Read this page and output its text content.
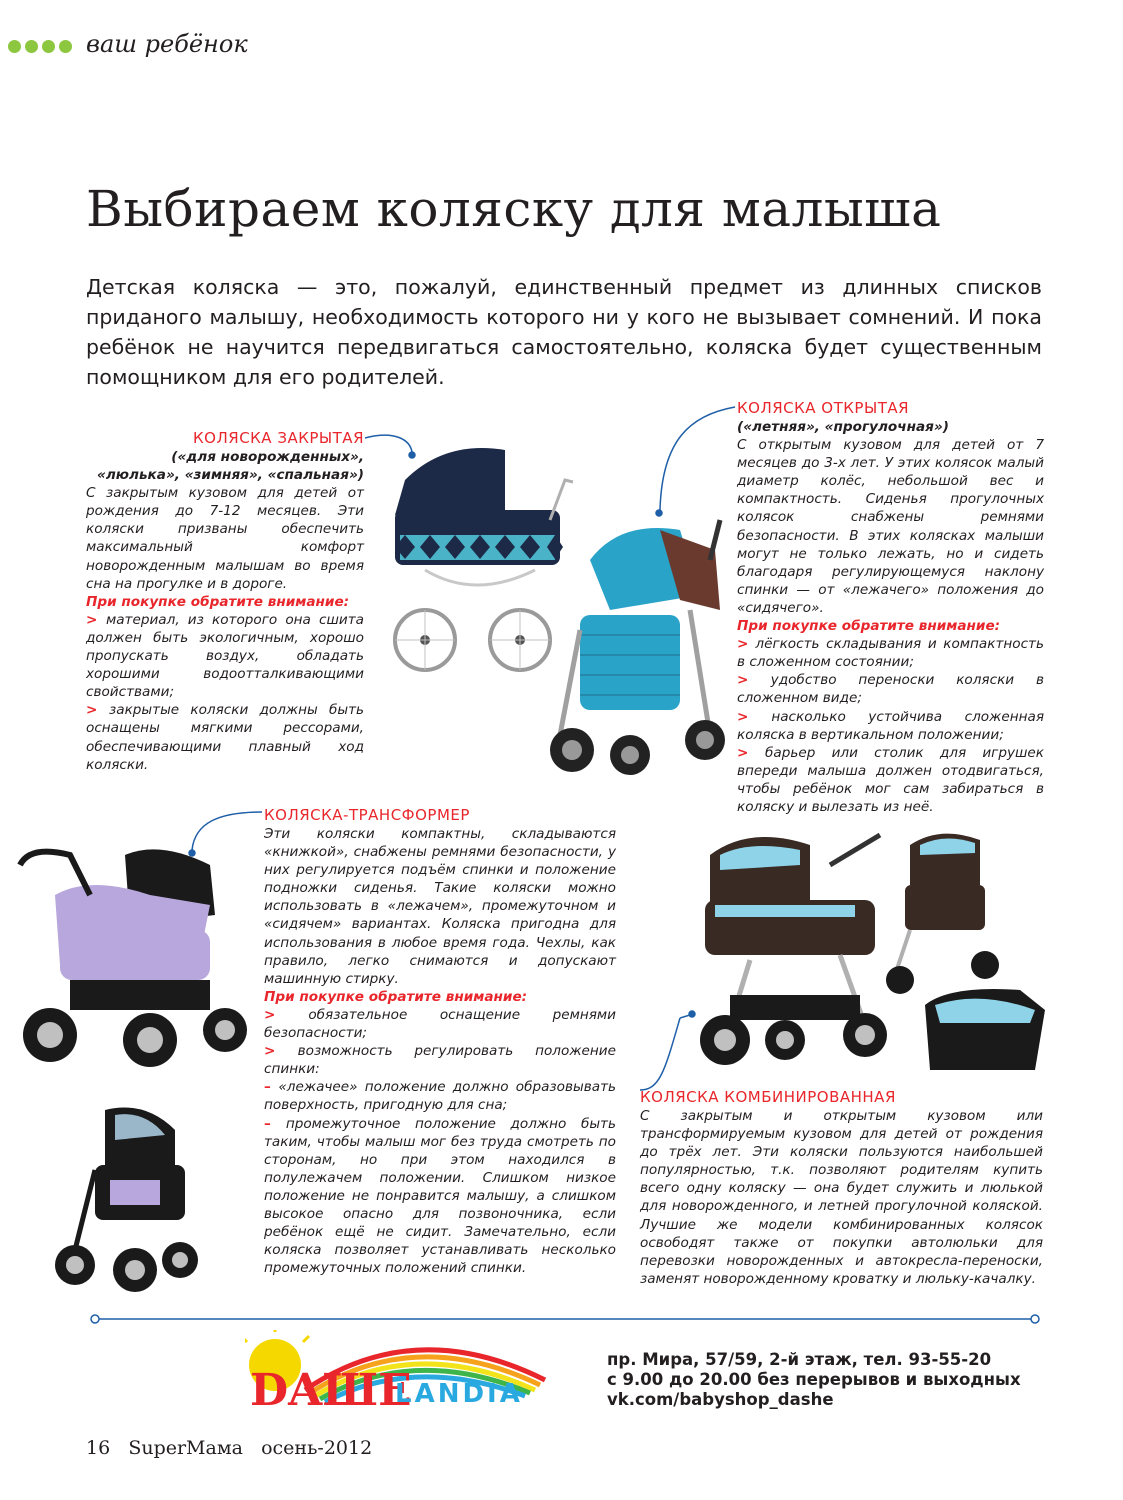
ваш ребёнок
Выбираем коляску для малыша
Детская коляска — это, пожалуй, единственный предмет из длинных списков приданого малышу, необходимость которого ни у кого не вызывает сомнений. И пока ребёнок не научится передвигаться самостоятельно, коляска будет существенным помощником для его родителей.
КОЛЯСКА ЗАКРЫТАЯ
(«для новорожденных»,
«люлька», «зимняя», «спальная»)

С закрытым кузовом для детей от рождения до 7-12 месяцев. Эти коляски призваны обеспечить максимальный комфорт новорожденным малышам во время сна на прогулке и в дороге.

При покупке обратите внимание:

> материал, из которого она сшита должен быть экологичным, хорошо пропускать воздух, обладать хорошими водоотталкивающими свойствами;

> закрытые коляски должны быть оснащены мягкими рессорами, обеспечивающими плавный ход коляски.

КОЛЯСКА ОТКРЫТАЯ
(«летняя», «прогулочная»)

С открытым кузовом для детей от 7 месяцев до 3-х лет. У этих колясок малый диаметр колёс, небольшой вес и компактность. Сиденья прогулочных колясок снабжены ремнями безопасности. В этих колясках малыши могут не только лежать, но и сидеть благодаря регулирующемуся наклону спинки — от «лежачего» положения до «сидячего».

При покупке обратите внимание:

> лёгкость складывания и компактность в сложенном состоянии;

> удобство переноски коляски в сложенном виде;

> насколько устойчива сложенная коляска в вертикальном положении;

> барьер или столик для игрушек впереди малыша должен отодвигаться, чтобы ребёнок мог сам забираться в коляску и вылезать из неё.

КОЛЯСКА-ТРАНСФОРМЕР

Эти коляски компактны, складываются «книжкой», снабжены ремнями безопасности, у них регулируется подъём спинки и положение подножки сиденья. Такие коляски можно использовать в «лежачем», промежуточном и «сидячем» вариантах. Коляска пригодна для использования в любое время года. Чехлы, как правило, легко снимаются и допускают машинную стирку.

При покупке обратите внимание:

> обязательное оснащение ремнями безопасности;

> возможность регулировать положение спинки:

– «лежачее» положение должно образовывать поверхность, пригодную для сна;

– промежуточное положение должно быть таким, чтобы малыш мог без труда смотреть по сторонам, но при этом находился в полулежачем положении. Слишком низкое положение не понравится малышу, а слишком высокое опасно для позвоночника, если ребёнок ещё не сидит. Замечательно, если коляска позволяет устанавливать несколько промежуточных положений спинки.

КОЛЯСКА КОМБИНИРОВАННАЯ

С закрытым и открытым кузовом или трансформируемым кузовом для детей от рождения до трёх лет. Эти коляски пользуются наибольшей популярностью, т.к. позволяют родителям купить всего одну коляску — она будет служить и люлькой для новорожденного, и летней прогулочной коляской. Лучшие же модели комбинированных колясок освободят также от покупки автолюльки для перевозки новорожденных и автокресла-переноски, заменят новорожденному кроватку и люльку-качалку.

DAШE
LANDIA
пр. Мира, 57/59, 2-й этаж, тел. 93-55-20
с 9.00 до 20.00 без перерывов и выходных
vk.com/babyshop_dashe
16 SuperМама осень-2012
